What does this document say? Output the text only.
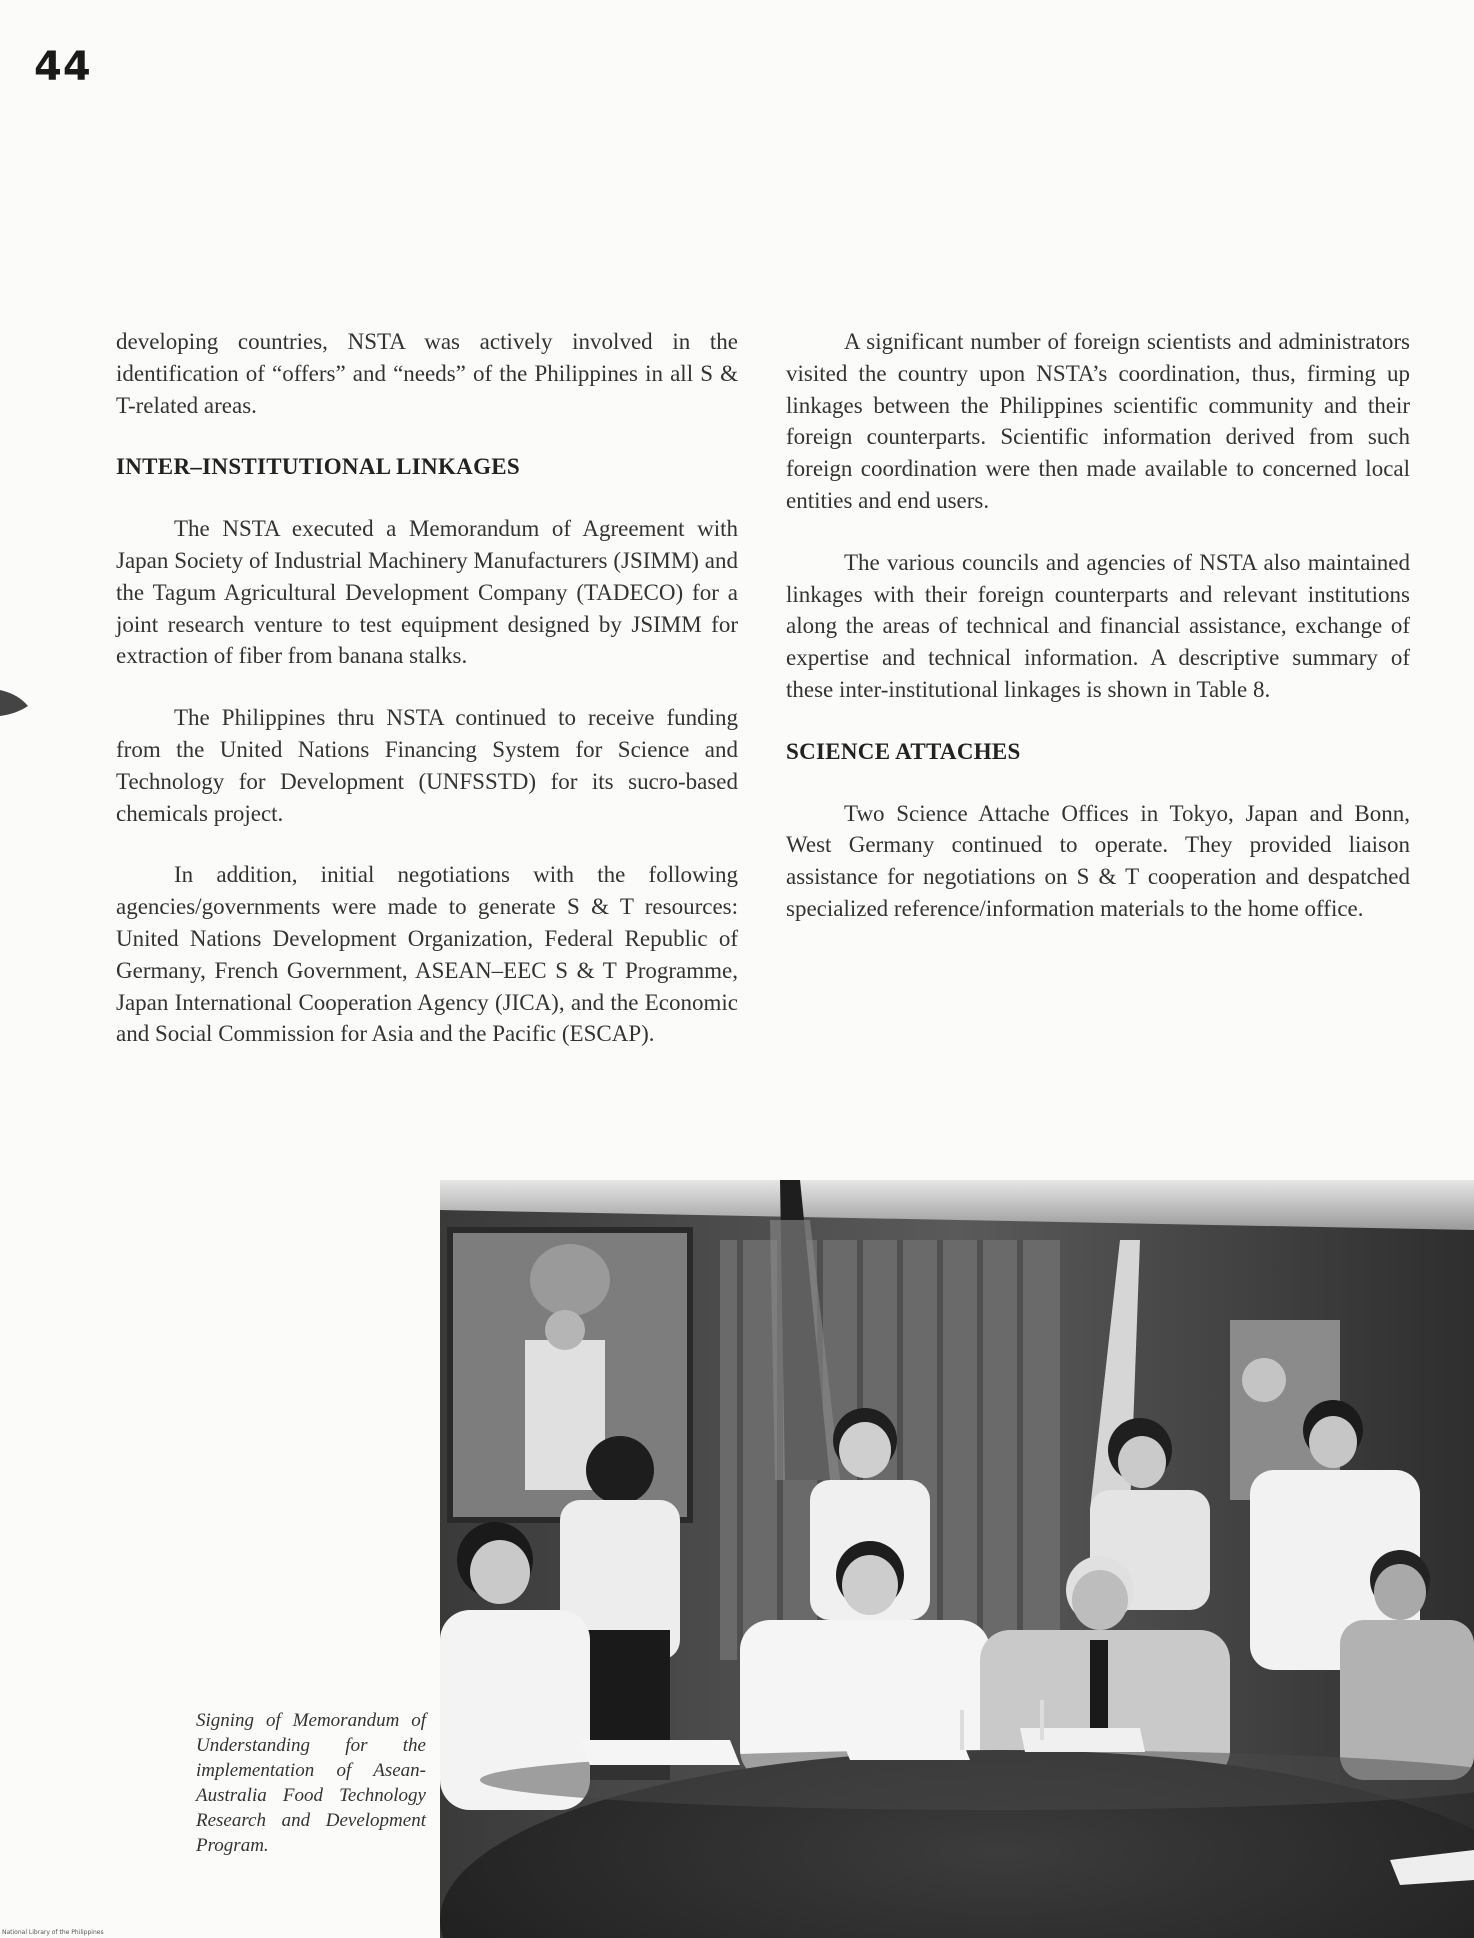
44

developing countries, NSTA was actively involved in the identification of “offers” and “needs” of the Philippines in all S & T-related areas.

INTER–INSTITUTIONAL LINKAGES

The NSTA executed a Memorandum of Agreement with Japan Society of Industrial Machinery Manufacturers (JSIMM) and the Tagum Agricultural Development Company (TADECO) for a joint research venture to test equipment designed by JSIMM for extraction of fiber from banana stalks.

The Philippines thru NSTA continued to receive funding from the United Nations Financing System for Science and Technology for Development (UNFSSTD) for its sucro-based chemicals project.

In addition, initial negotiations with the following agencies/governments were made to generate S & T resources: United Nations Development Organization, Federal Republic of Germany, French Government, ASEAN–EEC S & T Programme, Japan International Cooperation Agency (JICA), and the Economic and Social Commission for Asia and the Pacific (ESCAP).

A significant number of foreign scientists and administrators visited the country upon NSTA’s coordination, thus, firming up linkages between the Philippines scientific community and their foreign counterparts. Scientific information derived from such foreign coordination were then made available to concerned local entities and end users.

The various councils and agencies of NSTA also maintained linkages with their foreign counterparts and relevant institutions along the areas of technical and financial assistance, exchange of expertise and technical information. A descriptive summary of these inter-institutional linkages is shown in Table 8.

SCIENCE ATTACHES

Two Science Attache Offices in Tokyo, Japan and Bonn, West Germany continued to operate. They provided liaison assistance for negotiations on S & T cooperation and despatched specialized reference/information materials to the home office.

Signing of Memorandum of Understanding for the implementation of Asean-Australia Food Technology Research and Development Program.
National Library of the Philippines
